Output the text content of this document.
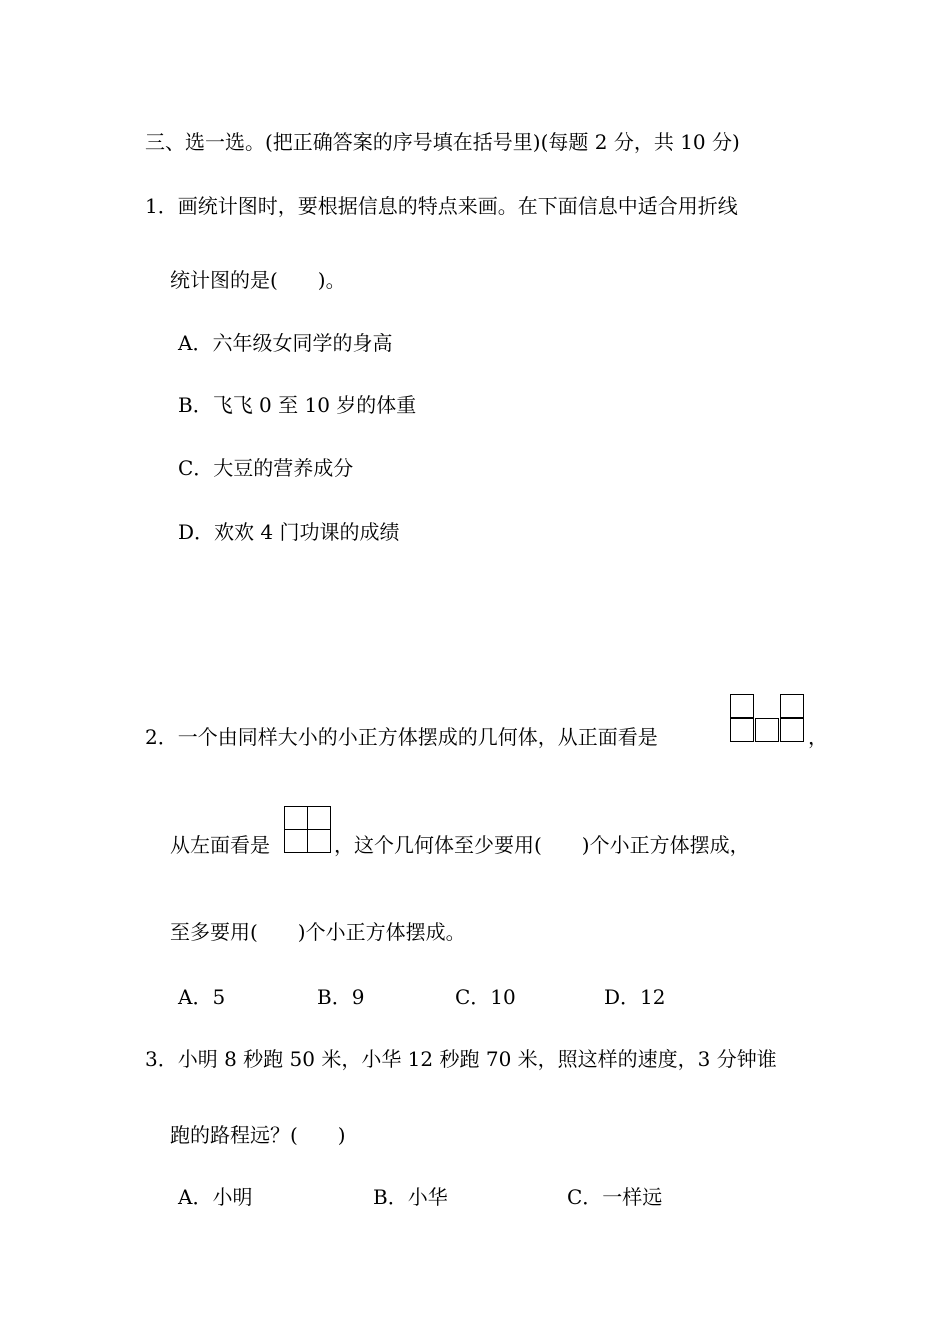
三、选一选。(把正确答案的序号填在括号里)(每题 2 分，共 10 分)
1．画统计图时，要根据信息的特点来画。在下面信息中适合用折线
统计图的是(　　)。
A．六年级女同学的身高
B．飞飞 0 至 10 岁的体重
C．大豆的营养成分
D．欢欢 4 门功课的成绩
2．一个由同样大小的小正方体摆成的几何体，从正面看是	，
从左面看是	，这个几何体至少要用(　　)个小正方体摆成，
至多要用(　　)个小正方体摆成。
A．5	B．9	C．10	D．12
3．小明 8 秒跑 50 米，小华 12 秒跑 70 米，照这样的速度，3 分钟谁
跑的路程远？(　　)
A．小明	B．小华	C．一样远
